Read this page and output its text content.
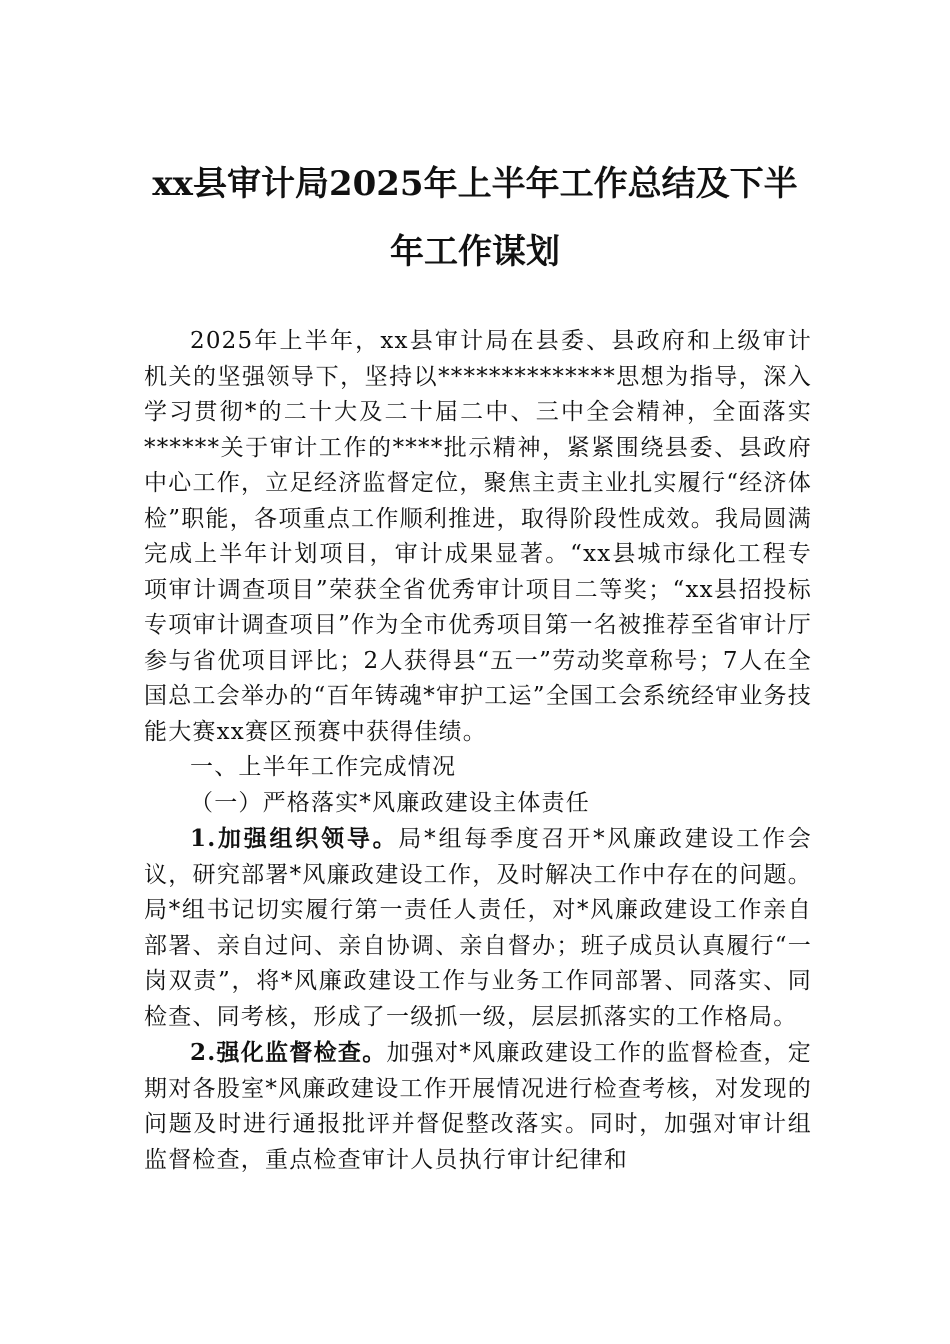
xx县审计局2025年上半年工作总结及下半
年工作谋划

2025年上半年，xx县审计局在县委、县政府和上级审计机关的坚强领导下，坚持以**************思想为指导，深入学习贯彻*的二十大及二十届二中、三中全会精神，全面落实******关于审计工作的****批示精神，紧紧围绕县委、县政府中心工作，立足经济监督定位，聚焦主责主业扎实履行“经济体检”职能，各项重点工作顺利推进，取得阶段性成效。我局圆满完成上半年计划项目，审计成果显著。“xx县城市绿化工程专项审计调查项目”荣获全省优秀审计项目二等奖；“xx县招投标专项审计调查项目”作为全市优秀项目第一名被推荐至省审计厅参与省优项目评比；2人获得县“五一”劳动奖章称号；7人在全国总工会举办的“百年铸魂*审护工运”全国工会系统经审业务技能大赛xx赛区预赛中获得佳绩。

一、上半年工作完成情况

（一）严格落实*风廉政建设主体责任

1.加强组织领导。局*组每季度召开*风廉政建设工作会议，研究部署*风廉政建设工作，及时解决工作中存在的问题。局*组书记切实履行第一责任人责任，对*风廉政建设工作亲自部署、亲自过问、亲自协调、亲自督办；班子成员认真履行“一岗双责”，将*风廉政建设工作与业务工作同部署、同落实、同检查、同考核，形成了一级抓一级，层层抓落实的工作格局。

2.强化监督检查。加强对*风廉政建设工作的监督检查，定期对各股室*风廉政建设工作开展情况进行检查考核，对发现的问题及时进行通报批评并督促整改落实。同时，加强对审计组监督检查，重点检查审计人员执行审计纪律和
